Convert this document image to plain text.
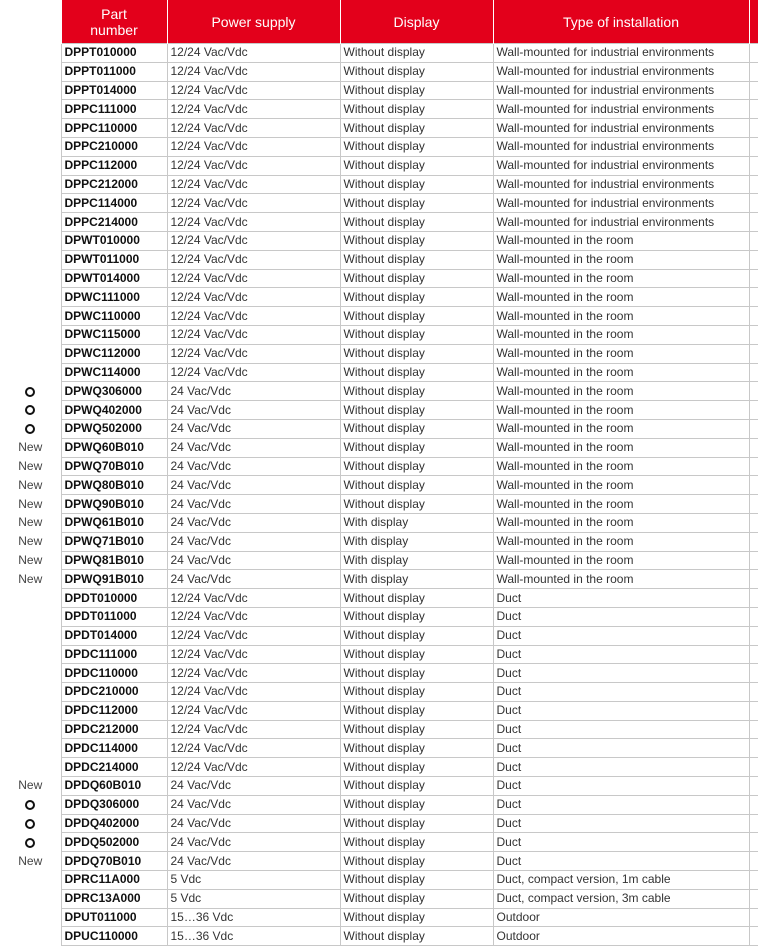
	Part number	Power supply	Display	Type of installation	
	DPPT010000	12/24 Vac/Vdc	Without display	Wall-mounted for industrial environments	
	DPPT011000	12/24 Vac/Vdc	Without display	Wall-mounted for industrial environments	
	DPPT014000	12/24 Vac/Vdc	Without display	Wall-mounted for industrial environments	
	DPPC111000	12/24 Vac/Vdc	Without display	Wall-mounted for industrial environments	
	DPPC110000	12/24 Vac/Vdc	Without display	Wall-mounted for industrial environments	
	DPPC210000	12/24 Vac/Vdc	Without display	Wall-mounted for industrial environments	
	DPPC112000	12/24 Vac/Vdc	Without display	Wall-mounted for industrial environments	
	DPPC212000	12/24 Vac/Vdc	Without display	Wall-mounted for industrial environments	
	DPPC114000	12/24 Vac/Vdc	Without display	Wall-mounted for industrial environments	
	DPPC214000	12/24 Vac/Vdc	Without display	Wall-mounted for industrial environments	
	DPWT010000	12/24 Vac/Vdc	Without display	Wall-mounted in the room	
	DPWT011000	12/24 Vac/Vdc	Without display	Wall-mounted in the room	
	DPWT014000	12/24 Vac/Vdc	Without display	Wall-mounted in the room	
	DPWC111000	12/24 Vac/Vdc	Without display	Wall-mounted in the room	
	DPWC110000	12/24 Vac/Vdc	Without display	Wall-mounted in the room	
	DPWC115000	12/24 Vac/Vdc	Without display	Wall-mounted in the room	
	DPWC112000	12/24 Vac/Vdc	Without display	Wall-mounted in the room	
	DPWC114000	12/24 Vac/Vdc	Without display	Wall-mounted in the room	
	DPWQ306000	24 Vac/Vdc	Without display	Wall-mounted in the room	
	DPWQ402000	24 Vac/Vdc	Without display	Wall-mounted in the room	
	DPWQ502000	24 Vac/Vdc	Without display	Wall-mounted in the room	
New	DPWQ60B010	24 Vac/Vdc	Without display	Wall-mounted in the room	
New	DPWQ70B010	24 Vac/Vdc	Without display	Wall-mounted in the room	
New	DPWQ80B010	24 Vac/Vdc	Without display	Wall-mounted in the room	
New	DPWQ90B010	24 Vac/Vdc	Without display	Wall-mounted in the room	
New	DPWQ61B010	24 Vac/Vdc	With display	Wall-mounted in the room	
New	DPWQ71B010	24 Vac/Vdc	With display	Wall-mounted in the room	
New	DPWQ81B010	24 Vac/Vdc	With display	Wall-mounted in the room	
New	DPWQ91B010	24 Vac/Vdc	With display	Wall-mounted in the room	
	DPDT010000	12/24 Vac/Vdc	Without display	Duct	
	DPDT011000	12/24 Vac/Vdc	Without display	Duct	
	DPDT014000	12/24 Vac/Vdc	Without display	Duct	
	DPDC111000	12/24 Vac/Vdc	Without display	Duct	
	DPDC110000	12/24 Vac/Vdc	Without display	Duct	
	DPDC210000	12/24 Vac/Vdc	Without display	Duct	
	DPDC112000	12/24 Vac/Vdc	Without display	Duct	
	DPDC212000	12/24 Vac/Vdc	Without display	Duct	
	DPDC114000	12/24 Vac/Vdc	Without display	Duct	
	DPDC214000	12/24 Vac/Vdc	Without display	Duct	
New	DPDQ60B010	24 Vac/Vdc	Without display	Duct	
	DPDQ306000	24 Vac/Vdc	Without display	Duct	
	DPDQ402000	24 Vac/Vdc	Without display	Duct	
	DPDQ502000	24 Vac/Vdc	Without display	Duct	
New	DPDQ70B010	24 Vac/Vdc	Without display	Duct	
	DPRC11A000	5 Vdc	Without display	Duct, compact version, 1m cable	
	DPRC13A000	5 Vdc	Without display	Duct, compact version, 3m cable	
	DPUT011000	15…36 Vdc	Without display	Outdoor	
	DPUC110000	15…36 Vdc	Without display	Outdoor	
